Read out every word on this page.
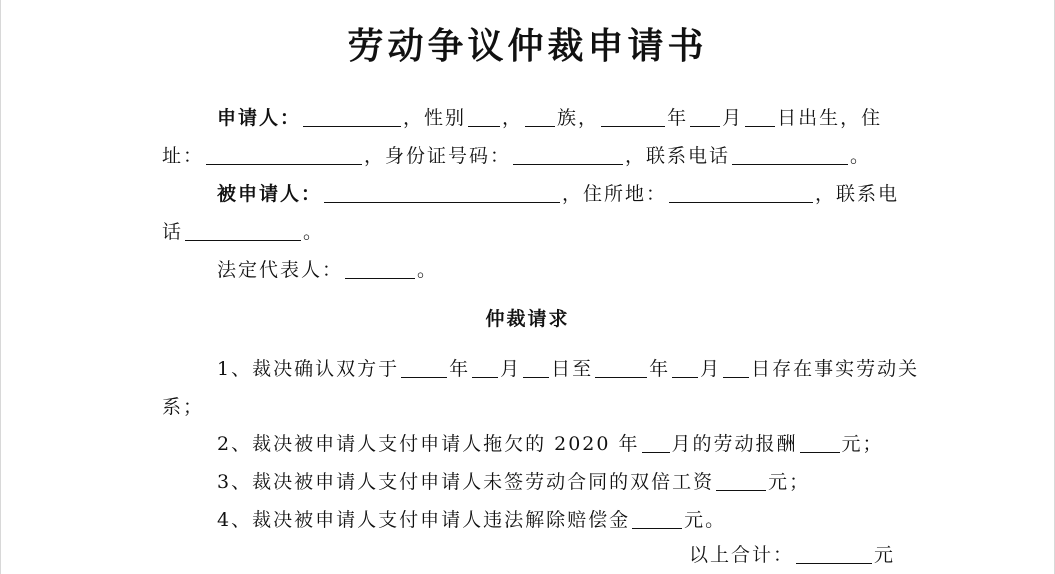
劳动争议仲裁申请书
申请人：	，性别 ， 族，	年 月 日出生，住
址：	，身份证号码：	，联系电话	。
被申请人：	，住所地：	，联系电
话	。
法定代表人：	。
仲裁请求
1、裁决确认双方于	年 月 日至	年 月 日存在事实劳动关
系；
2、裁决被申请人支付申请人拖欠的 2020 年 月的劳动报酬 元；
3、裁决被申请人支付申请人未签劳动合同的双倍工资	元；
4、裁决被申请人支付申请人违法解除赔偿金	元。
以上合计：	元
